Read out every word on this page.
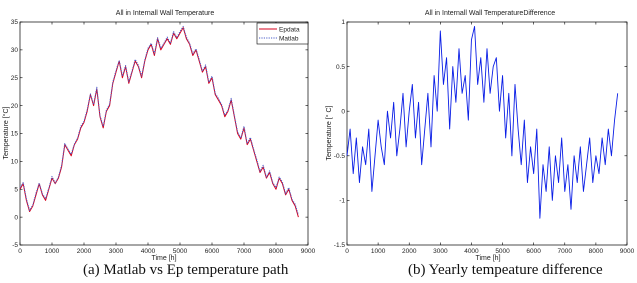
All in Internall Wall Temperature
0	1000	2000	3000	4000	5000	6000	7000	8000	9000
-5
0
5
10
15
20
25
30
35
Time [h]
Temperature [°C]
Epdata
Matlab
All in Internall Wall TemperatureDifference
0	1000	2000	3000	4000	5000	6000	7000	8000	9000
-1.5
-1
-0.5
0
0.5
1
Time [h]
Temperature [° C]
(a) Matlab vs Ep temperature path	(b) Yearly tempeature difference
